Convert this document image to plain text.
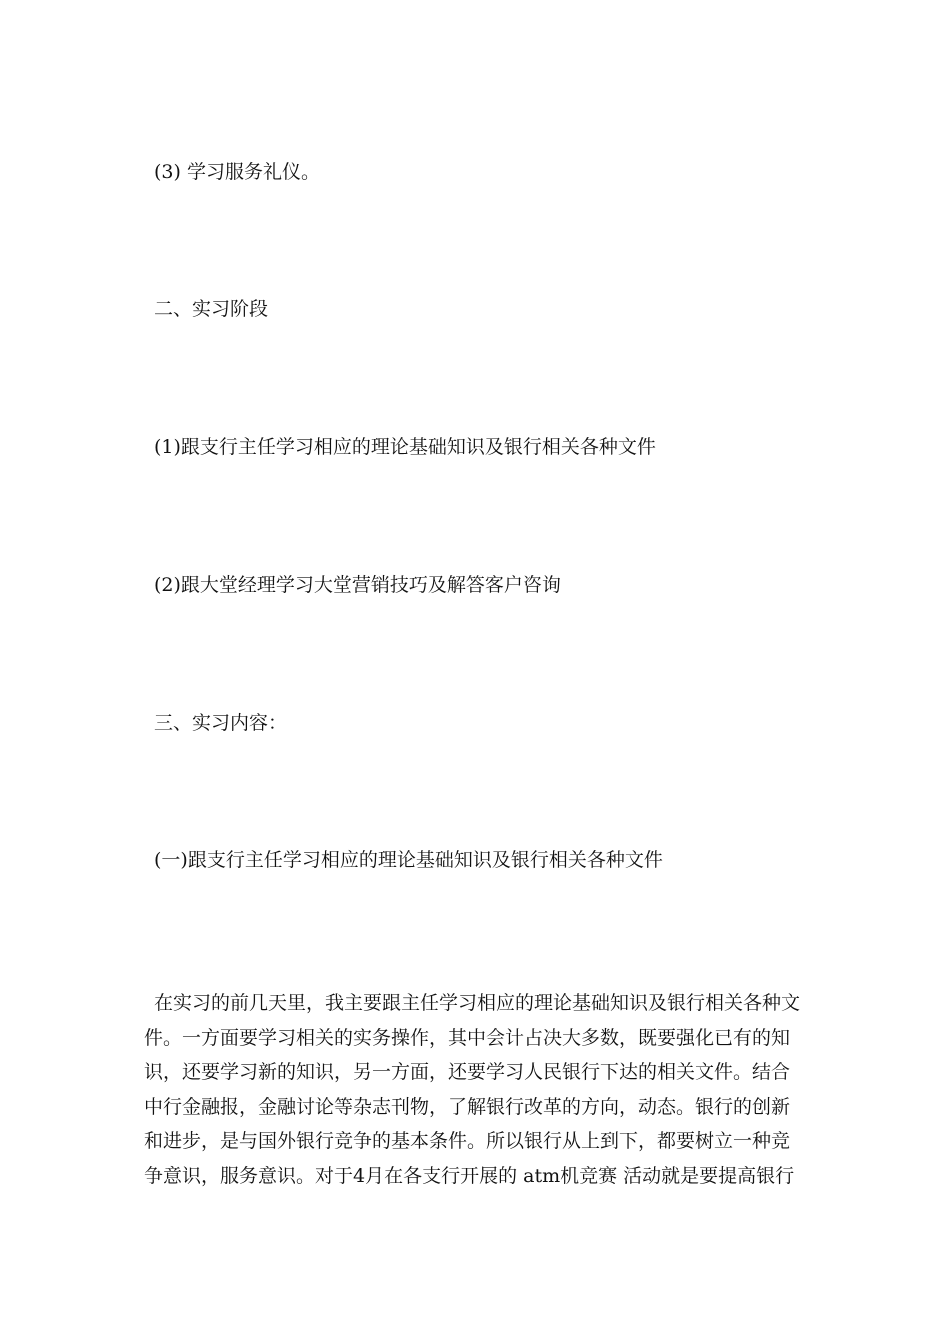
(3) 学习服务礼仪。

二、实习阶段

(1)跟支行主任学习相应的理论基础知识及银行相关各种文件

(2)跟大堂经理学习大堂营销技巧及解答客户咨询

三、实习内容：

(一)跟支行主任学习相应的理论基础知识及银行相关各种文件

在实习的前几天里，我主要跟主任学习相应的理论基础知识及银行相关各种文
件。一方面要学习相关的实务操作，其中会计占决大多数，既要强化已有的知
识，还要学习新的知识，另一方面，还要学习人民银行下达的相关文件。结合
中行金融报，金融讨论等杂志刊物，了解银行改革的方向，动态。银行的创新
和进步，是与国外银行竞争的基本条件。所以银行从上到下，都要树立一种竞
争意识，服务意识。对于4月在各支行开展的 atm机竞赛 活动就是要提高银行
